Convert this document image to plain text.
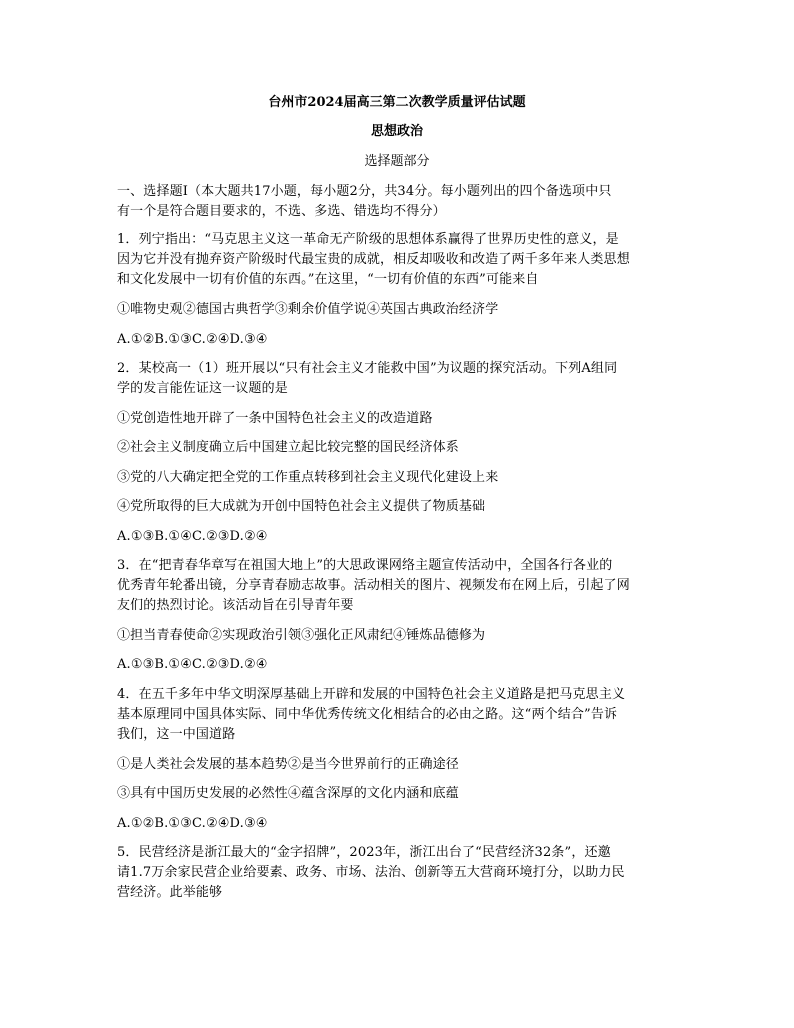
台州市2024届高三第二次教学质量评估试题
思想政治
选择题部分
一、选择题Ⅰ（本大题共17小题，每小题2分，共34分。每小题列出的四个备选项中只
有一个是符合题目要求的，不选、多选、错选均不得分）
1．列宁指出：“马克思主义这一革命无产阶级的思想体系赢得了世界历史性的意义，是
因为它并没有抛弃资产阶级时代最宝贵的成就，相反却吸收和改造了两千多年来人类思想
和文化发展中一切有价值的东西。”在这里，“一切有价值的东西”可能来自
①唯物史观②德国古典哲学③剩余价值学说④英国古典政治经济学
A.①②B.①③C.②④D.③④
2．某校高一（1）班开展以“只有社会主义才能救中国”为议题的探究活动。下列A组同
学的发言能佐证这一议题的是
①党创造性地开辟了一条中国特色社会主义的改造道路
②社会主义制度确立后中国建立起比较完整的国民经济体系
③党的八大确定把全党的工作重点转移到社会主义现代化建设上来
④党所取得的巨大成就为开创中国特色社会主义提供了物质基础
A.①③B.①④C.②③D.②④
3．在“把青春华章写在祖国大地上”的大思政课网络主题宣传活动中，全国各行各业的
优秀青年轮番出镜，分享青春励志故事。活动相关的图片、视频发布在网上后，引起了网
友们的热烈讨论。该活动旨在引导青年要
①担当青春使命②实现政治引领③强化正风肃纪④锤炼品德修为
A.①③B.①④C.②③D.②④
4．在五千多年中华文明深厚基础上开辟和发展的中国特色社会主义道路是把马克思主义
基本原理同中国具体实际、同中华优秀传统文化相结合的必由之路。这“两个结合”告诉
我们，这一中国道路
①是人类社会发展的基本趋势②是当今世界前行的正确途径
③具有中国历史发展的必然性④蕴含深厚的文化内涵和底蕴
A.①②B.①③C.②④D.③④
5．民营经济是浙江最大的“金字招牌”，2023年，浙江出台了“民营经济32条”，还邀
请1.7万余家民营企业给要素、政务、市场、法治、创新等五大营商环境打分，以助力民
营经济。此举能够
